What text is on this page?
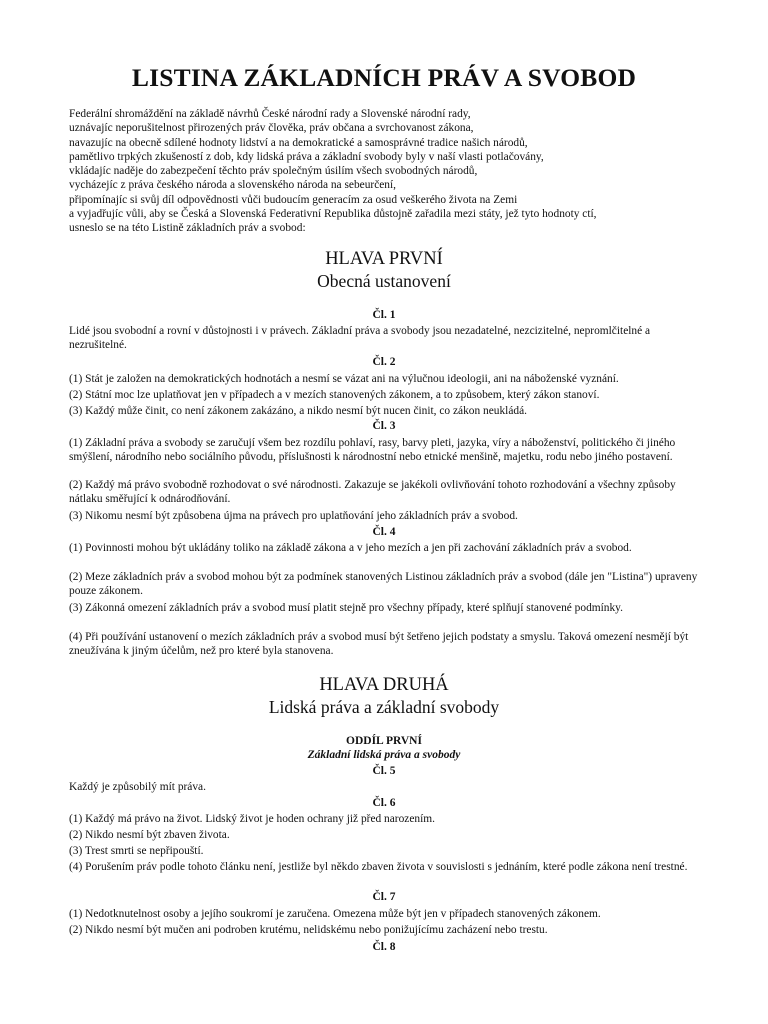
LISTINA ZÁKLADNÍCH PRÁV A SVOBOD
Federální shromáždění na základě návrhů České národní rady a Slovenské národní rady,
uznávajíc neporušitelnost přirozených práv člověka, práv občana a svrchovanost zákona,
navazujíc na obecně sdílené hodnoty lidství a na demokratické a samosprávné tradice našich národů,
pamětlivo trpkých zkušeností z dob, kdy lidská práva a základní svobody byly v naší vlasti potlačovány,
vkládajíc naděje do zabezpečení těchto práv společným úsilím všech svobodných národů,
vycházejíc z práva českého národa a slovenského národa na sebeurčení,
připomínajíc si svůj díl odpovědnosti vůči budoucím generacím za osud veškerého života na Zemi
a vyjadřujíc vůli, aby se Česká a Slovenská Federativní Republika důstojně zařadila mezi státy, jež tyto hodnoty ctí,
usneslo se na této Listině základních práv a svobod:
HLAVA PRVNÍ
Obecná ustanovení
Čl. 1

Lidé jsou svobodní a rovní v důstojnosti i v právech. Základní práva a svobody jsou nezadatelné, nezcizitelné, nepromlčitelné a nezrušitelné.

Čl. 2

(1) Stát je založen na demokratických hodnotách a nesmí se vázat ani na výlučnou ideologii, ani na náboženské vyznání.

(2) Státní moc lze uplatňovat jen v případech a v mezích stanovených zákonem, a to způsobem, který zákon stanoví.

(3) Každý může činit, co není zákonem zakázáno, a nikdo nesmí být nucen činit, co zákon neukládá.

Čl. 3

(1) Základní práva a svobody se zaručují všem bez rozdílu pohlaví, rasy, barvy pleti, jazyka, víry a náboženství, politického či jiného smýšlení, národního nebo sociálního původu, příslušnosti k národnostní nebo etnické menšině, majetku, rodu nebo jiného postavení.

(2) Každý má právo svobodně rozhodovat o své národnosti. Zakazuje se jakékoli ovlivňování tohoto rozhodování a všechny způsoby nátlaku směřující k odnárodňování.

(3) Nikomu nesmí být způsobena újma na právech pro uplatňování jeho základních práv a svobod.

Čl. 4

(1) Povinnosti mohou být ukládány toliko na základě zákona a v jeho mezích a jen při zachování základních práv a svobod.

(2) Meze základních práv a svobod mohou být za podmínek stanovených Listinou základních práv a svobod (dále jen "Listina") upraveny pouze zákonem.

(3) Zákonná omezení základních práv a svobod musí platit stejně pro všechny případy, které splňují stanovené podmínky.

(4) Při používání ustanovení o mezích základních práv a svobod musí být šetřeno jejich podstaty a smyslu. Taková omezení nesmějí být zneužívána k jiným účelům, než pro které byla stanovena.

HLAVA DRUHÁ
Lidská práva a základní svobody
ODDÍL PRVNÍ
Základní lidská práva a svobody
Čl. 5

Každý je způsobilý mít práva.

Čl. 6

(1) Každý má právo na život. Lidský život je hoden ochrany již před narozením.

(2) Nikdo nesmí být zbaven života.

(3) Trest smrti se nepřipouští.

(4) Porušením práv podle tohoto článku není, jestliže byl někdo zbaven života v souvislosti s jednáním, které podle zákona není trestné.

Čl. 7

(1) Nedotknutelnost osoby a jejího soukromí je zaručena. Omezena může být jen v případech stanovených zákonem.

(2) Nikdo nesmí být mučen ani podroben krutému, nelidskému nebo ponižujícímu zacházení nebo trestu.

Čl. 8
